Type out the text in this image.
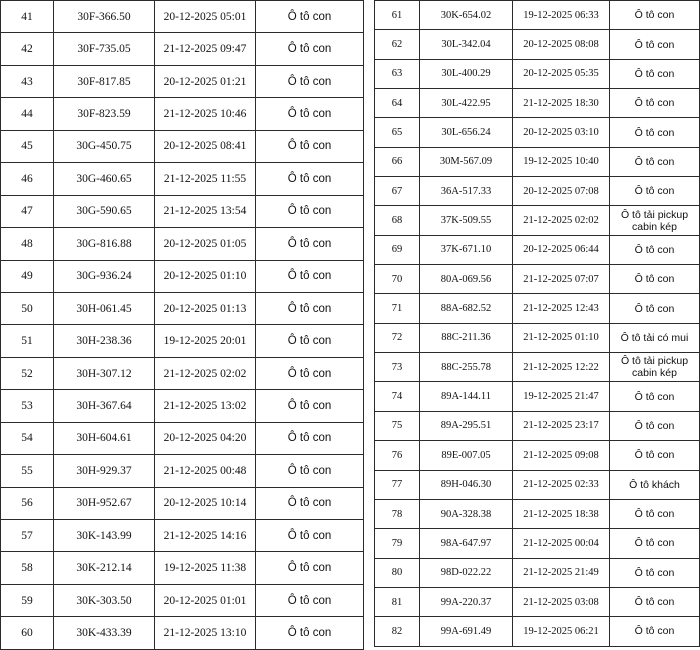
41	30F-366.50	20-12-2025 05:01	Ô tô con
42	30F-735.05	21-12-2025 09:47	Ô tô con
43	30F-817.85	20-12-2025 01:21	Ô tô con
44	30F-823.59	21-12-2025 10:46	Ô tô con
45	30G-450.75	20-12-2025 08:41	Ô tô con
46	30G-460.65	21-12-2025 11:55	Ô tô con
47	30G-590.65	21-12-2025 13:54	Ô tô con
48	30G-816.88	20-12-2025 01:05	Ô tô con
49	30G-936.24	20-12-2025 01:10	Ô tô con
50	30H-061.45	20-12-2025 01:13	Ô tô con
51	30H-238.36	19-12-2025 20:01	Ô tô con
52	30H-307.12	21-12-2025 02:02	Ô tô con
53	30H-367.64	21-12-2025 13:02	Ô tô con
54	30H-604.61	20-12-2025 04:20	Ô tô con
55	30H-929.37	21-12-2025 00:48	Ô tô con
56	30H-952.67	20-12-2025 10:14	Ô tô con
57	30K-143.99	21-12-2025 14:16	Ô tô con
58	30K-212.14	19-12-2025 11:38	Ô tô con
59	30K-303.50	20-12-2025 01:01	Ô tô con
60	30K-433.39	21-12-2025 13:10	Ô tô con
61	30K-654.02	19-12-2025 06:33	Ô tô con
62	30L-342.04	20-12-2025 08:08	Ô tô con
63	30L-400.29	20-12-2025 05:35	Ô tô con
64	30L-422.95	21-12-2025 18:30	Ô tô con
65	30L-656.24	20-12-2025 03:10	Ô tô con
66	30M-567.09	19-12-2025 10:40	Ô tô con
67	36A-517.33	20-12-2025 07:08	Ô tô con
68	37K-509.55	21-12-2025 02:02	Ô tô tải pickup cabin kép
69	37K-671.10	20-12-2025 06:44	Ô tô con
70	80A-069.56	21-12-2025 07:07	Ô tô con
71	88A-682.52	21-12-2025 12:43	Ô tô con
72	88C-211.36	21-12-2025 01:10	Ô tô tải có mui
73	88C-255.78	21-12-2025 12:22	Ô tô tải pickup cabin kép
74	89A-144.11	19-12-2025 21:47	Ô tô con
75	89A-295.51	21-12-2025 23:17	Ô tô con
76	89E-007.05	21-12-2025 09:08	Ô tô con
77	89H-046.30	21-12-2025 02:33	Ô tô khách
78	90A-328.38	21-12-2025 18:38	Ô tô con
79	98A-647.97	21-12-2025 00:04	Ô tô con
80	98D-022.22	21-12-2025 21:49	Ô tô con
81	99A-220.37	21-12-2025 03:08	Ô tô con
82	99A-691.49	19-12-2025 06:21	Ô tô con
